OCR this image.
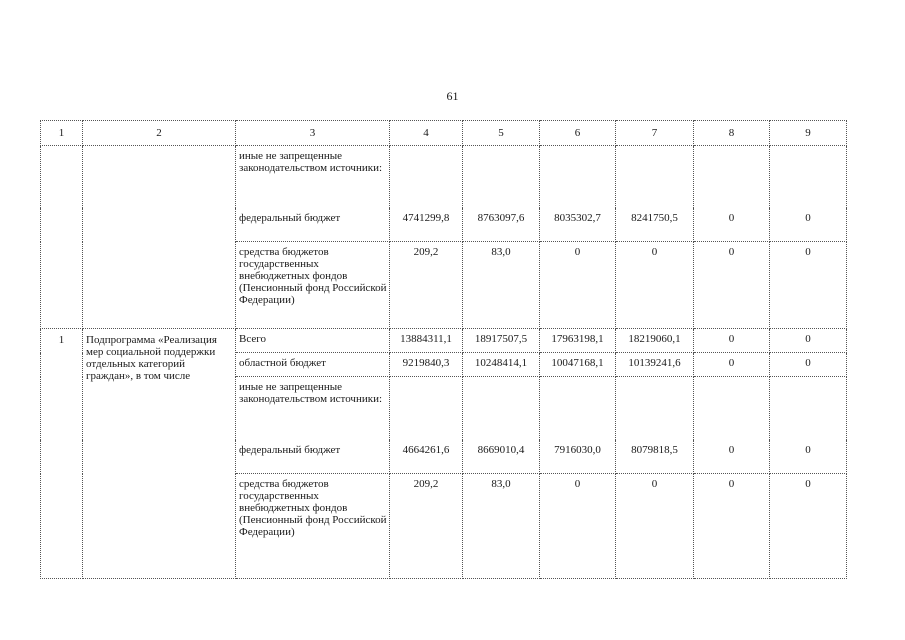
61
1	2	3	4	5	6	7	8	9
		иные не запрещенные законодательством источники:						
		федеральный бюджет	4741299,8	8763097,6	8035302,7	8241750,5	0	0
		средства бюджетов государственных внебюджетных фондов (Пенсионный фонд Российской Федерации)	209,2	83,0	0	0	0	0
1	Подпрограмма «Реализация мер социальной поддержки отдельных категорий граждан», в том числе	Всего	13884311,1	18917507,5	17963198,1	18219060,1	0	0
		областной бюджет	9219840,3	10248414,1	10047168,1	10139241,6	0	0
		иные не запрещенные законодательством источники:						
		федеральный бюджет	4664261,6	8669010,4	7916030,0	8079818,5	0	0
		средства бюджетов государственных внебюджетных фондов (Пенсионный фонд Российской Федерации)	209,2	83,0	0	0	0	0
